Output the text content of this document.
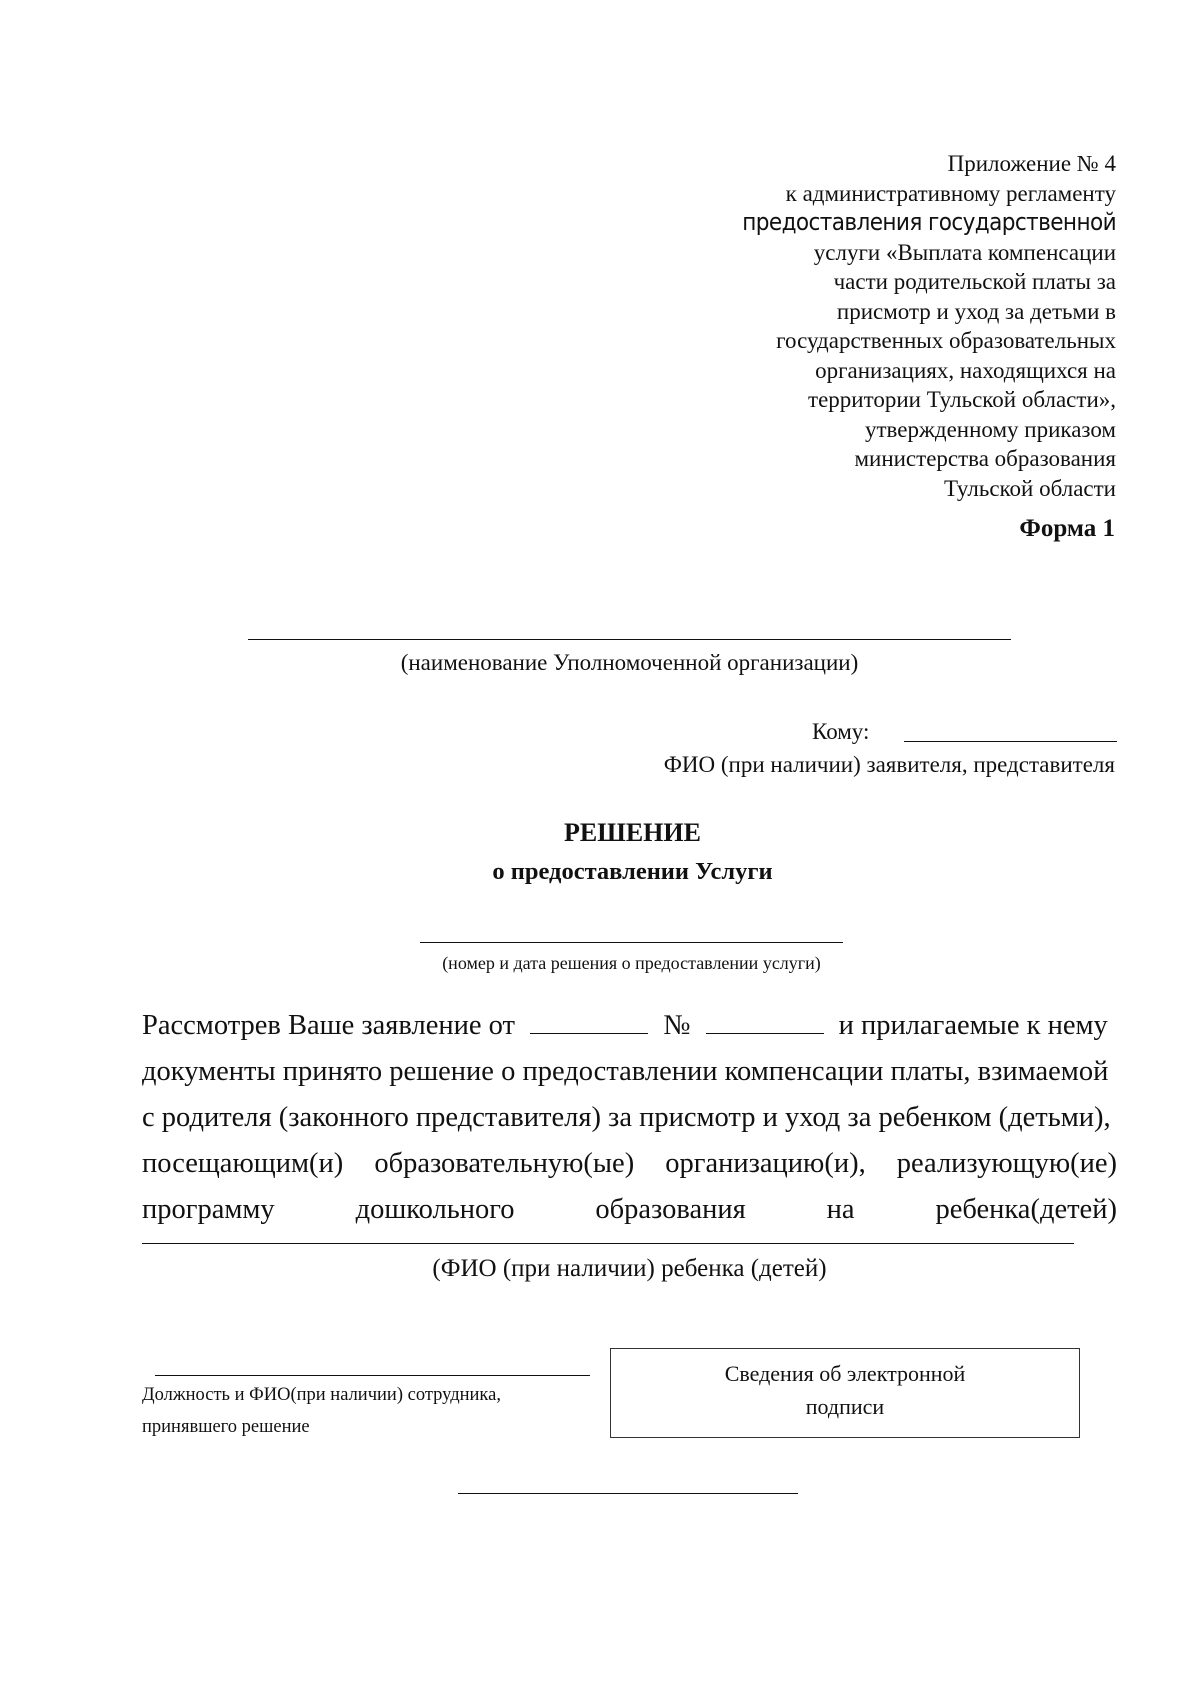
Приложение № 4
к административному регламенту
предоставления государственной
услуги «Выплата компенсации
части родительской платы за
присмотр и уход за детьми в
государственных образовательных
организациях, находящихся на
территории Тульской области»,
утвержденному приказом
министерства образования
Тульской области
Форма 1
(наименование Уполномоченной организации)
Кому:
ФИО (при наличии) заявителя, представителя
РЕШЕНИЕ
о предоставлении Услуги
(номер и дата решения о предоставлении услуги)
Рассмотрев Ваше заявление от	№	и прилагаемые к нему
документы принято решение о предоставлении компенсации платы, взимаемой
с родителя (законного представителя) за присмотр и уход за ребенком (детьми),
посещающим(и) образовательную(ые) организацию(и), реализующую(ие)
программу	дошкольного	образования	на	ребенка(детей)
(ФИО (при наличии) ребенка (детей)
Должность и ФИО(при наличии) сотрудника,
принявшего решение
Сведения об электронной
подписи
